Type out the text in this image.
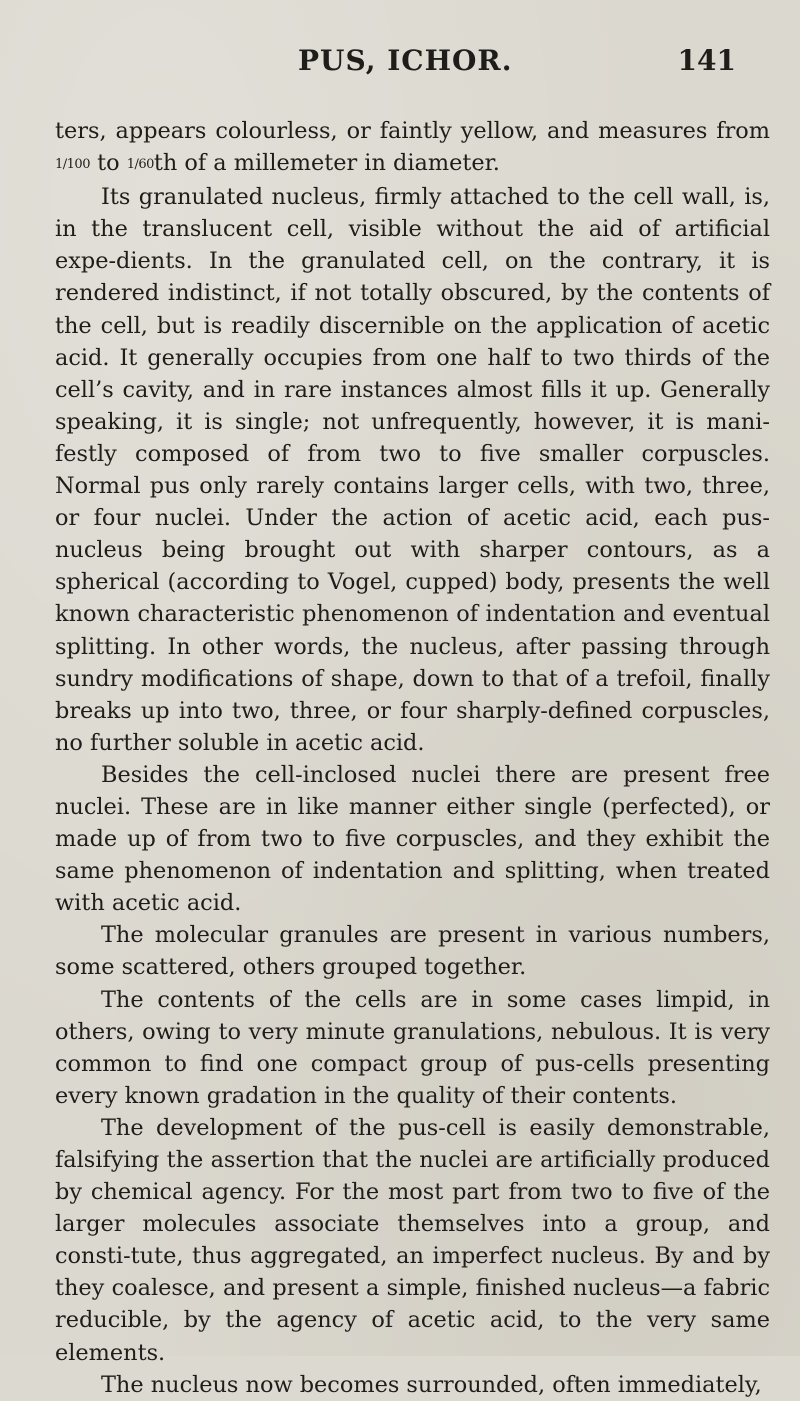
PUS, ICHOR.	141

ters, appears colourless, or faintly yellow, and measures from 1/100 to 1/60th of a millemeter in diameter.

Its granulated nucleus, firmly attached to the cell wall, is, in the translucent cell, visible without the aid of artificial expe-dients. In the granulated cell, on the contrary, it is rendered indistinct, if not totally obscured, by the contents of the cell, but is readily discernible on the application of acetic acid. It generally occupies from one half to two thirds of the cell’s cavity, and in rare instances almost fills it up. Generally speaking, it is single; not unfrequently, however, it is mani-festly composed of from two to five smaller corpuscles. Normal pus only rarely contains larger cells, with two, three, or four nuclei. Under the action of acetic acid, each pus-nucleus being brought out with sharper contours, as a spherical (according to Vogel, cupped) body, presents the well known characteristic phenomenon of indentation and eventual splitting. In other words, the nucleus, after passing through sundry modifications of shape, down to that of a trefoil, finally breaks up into two, three, or four sharply-defined corpuscles, no further soluble in acetic acid.

Besides the cell-inclosed nuclei there are present free nuclei. These are in like manner either single (perfected), or made up of from two to five corpuscles, and they exhibit the same phenomenon of indentation and splitting, when treated with acetic acid.

The molecular granules are present in various numbers, some scattered, others grouped together.

The contents of the cells are in some cases limpid, in others, owing to very minute granulations, nebulous. It is very common to find one compact group of pus-cells presenting every known gradation in the quality of their contents.

The development of the pus-cell is easily demonstrable, falsifying the assertion that the nuclei are artificially produced by chemical agency. For the most part from two to five of the larger molecules associate themselves into a group, and consti-tute, thus aggregated, an imperfect nucleus. By and by they coalesce, and present a simple, finished nucleus—a fabric reducible, by the agency of acetic acid, to the very same elements.

The nucleus now becomes surrounded, often immediately,
